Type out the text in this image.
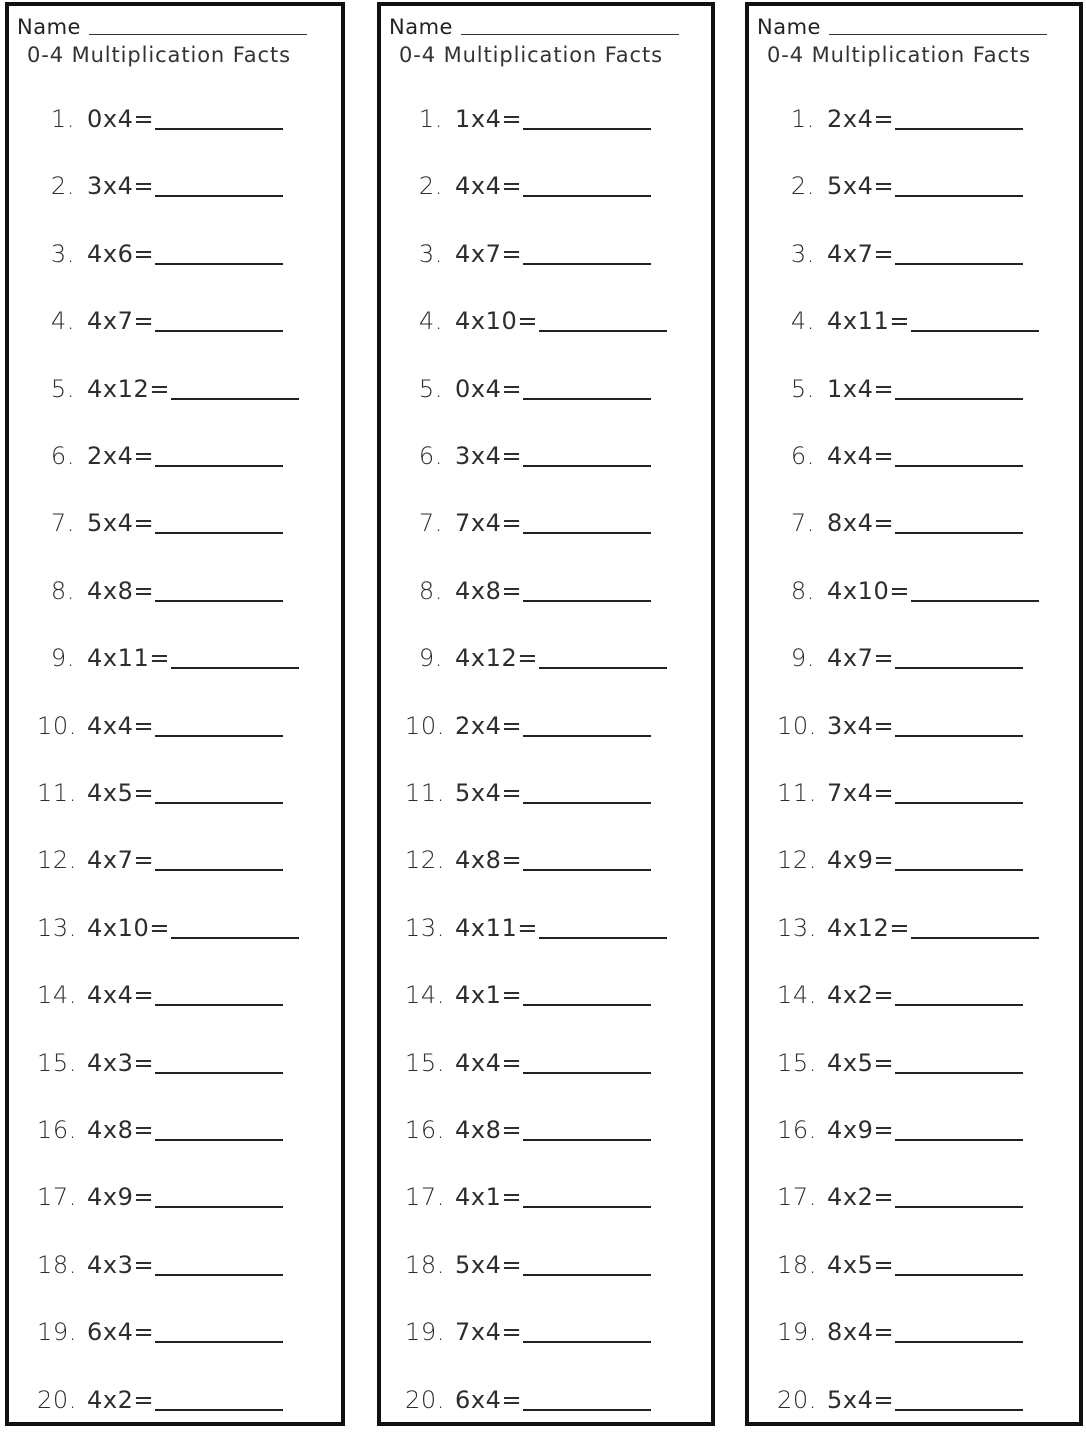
Name
0-4 Multiplication Facts
1. 0x4=
2. 3x4=
3. 4x6=
4. 4x7=
5. 4x12=
6. 2x4=
7. 5x4=
8. 4x8=
9. 4x11=
10. 4x4=
11. 4x5=
12. 4x7=
13. 4x10=
14. 4x4=
15. 4x3=
16. 4x8=
17. 4x9=
18. 4x3=
19. 6x4=
20. 4x2=
Name
0-4 Multiplication Facts
1. 1x4=
2. 4x4=
3. 4x7=
4. 4x10=
5. 0x4=
6. 3x4=
7. 7x4=
8. 4x8=
9. 4x12=
10. 2x4=
11. 5x4=
12. 4x8=
13. 4x11=
14. 4x1=
15. 4x4=
16. 4x8=
17. 4x1=
18. 5x4=
19. 7x4=
20. 6x4=
Name
0-4 Multiplication Facts
1. 2x4=
2. 5x4=
3. 4x7=
4. 4x11=
5. 1x4=
6. 4x4=
7. 8x4=
8. 4x10=
9. 4x7=
10. 3x4=
11. 7x4=
12. 4x9=
13. 4x12=
14. 4x2=
15. 4x5=
16. 4x9=
17. 4x2=
18. 4x5=
19. 8x4=
20. 5x4=
